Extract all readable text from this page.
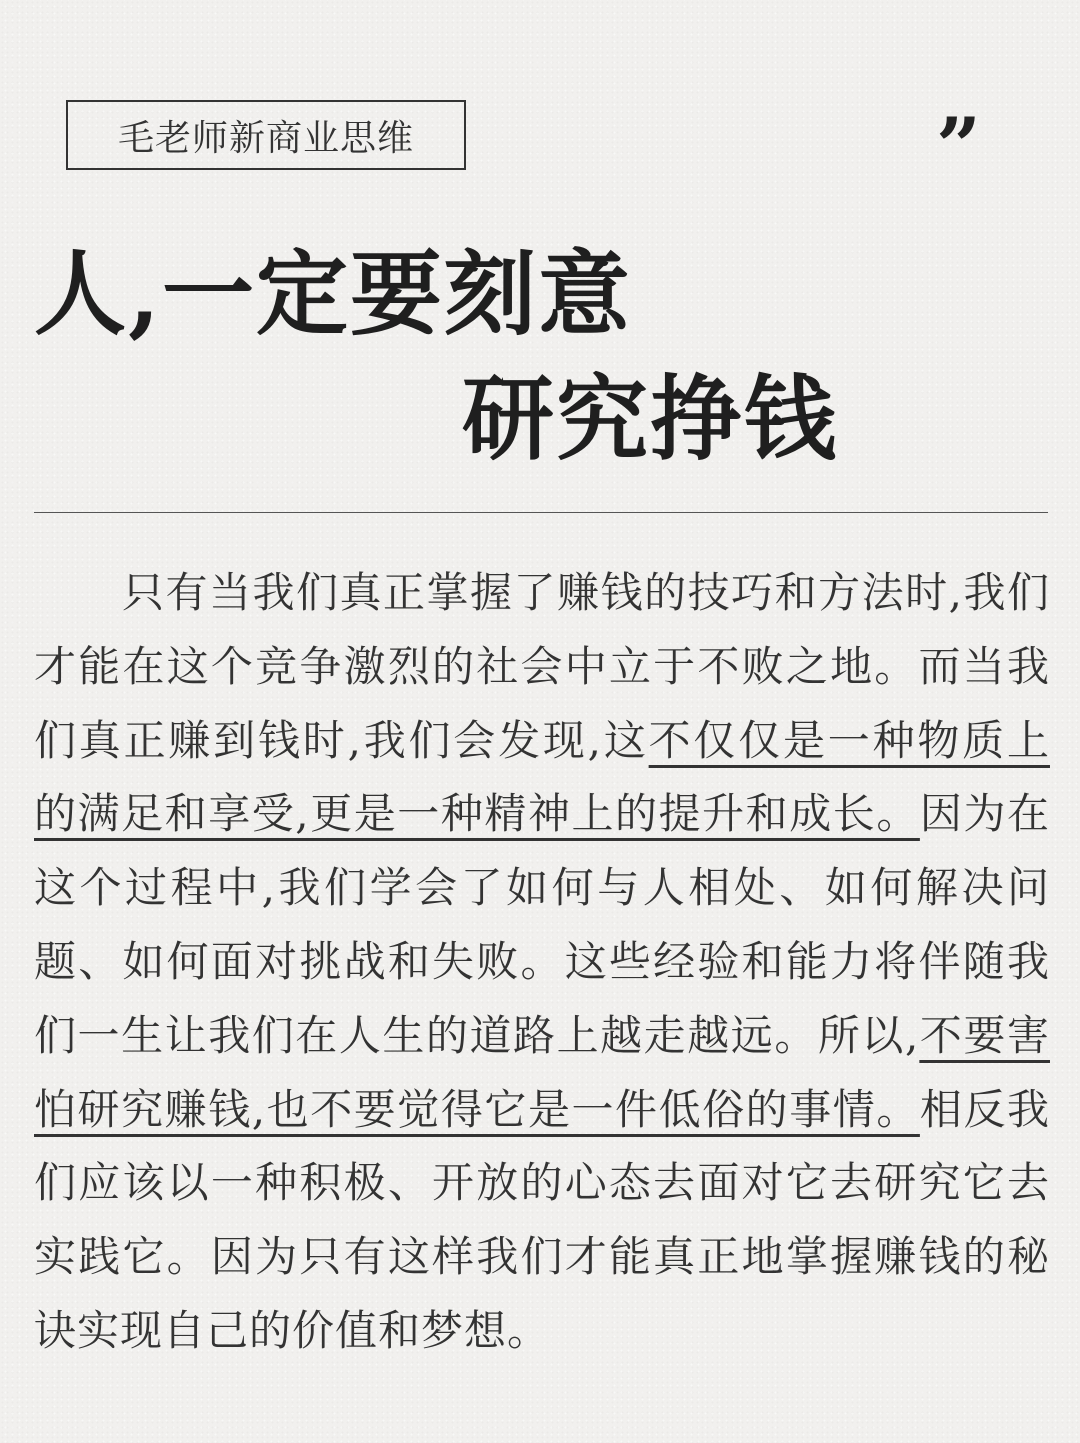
毛老师新商业思维	”
人,一定要刻意
研究挣钱

只有当我们真正掌握了赚钱的技巧和方法时,我们才能在这个竞争激烈的社会中立于不败之地。而当我们真正赚到钱时,我们会发现,这不仅仅是一种物质上的满足和享受,更是一种精神上的提升和成长。因为在这个过程中,我们学会了如何与人相处、如何解决问题、如何面对挑战和失败。这些经验和能力将伴随我们一生让我们在人生的道路上越走越远。所以,不要害怕研究赚钱,也不要觉得它是一件低俗的事情。相反我们应该以一种积极、开放的心态去面对它去研究它去实践它。因为只有这样我们才能真正地掌握赚钱的秘诀实现自己的价值和梦想。
